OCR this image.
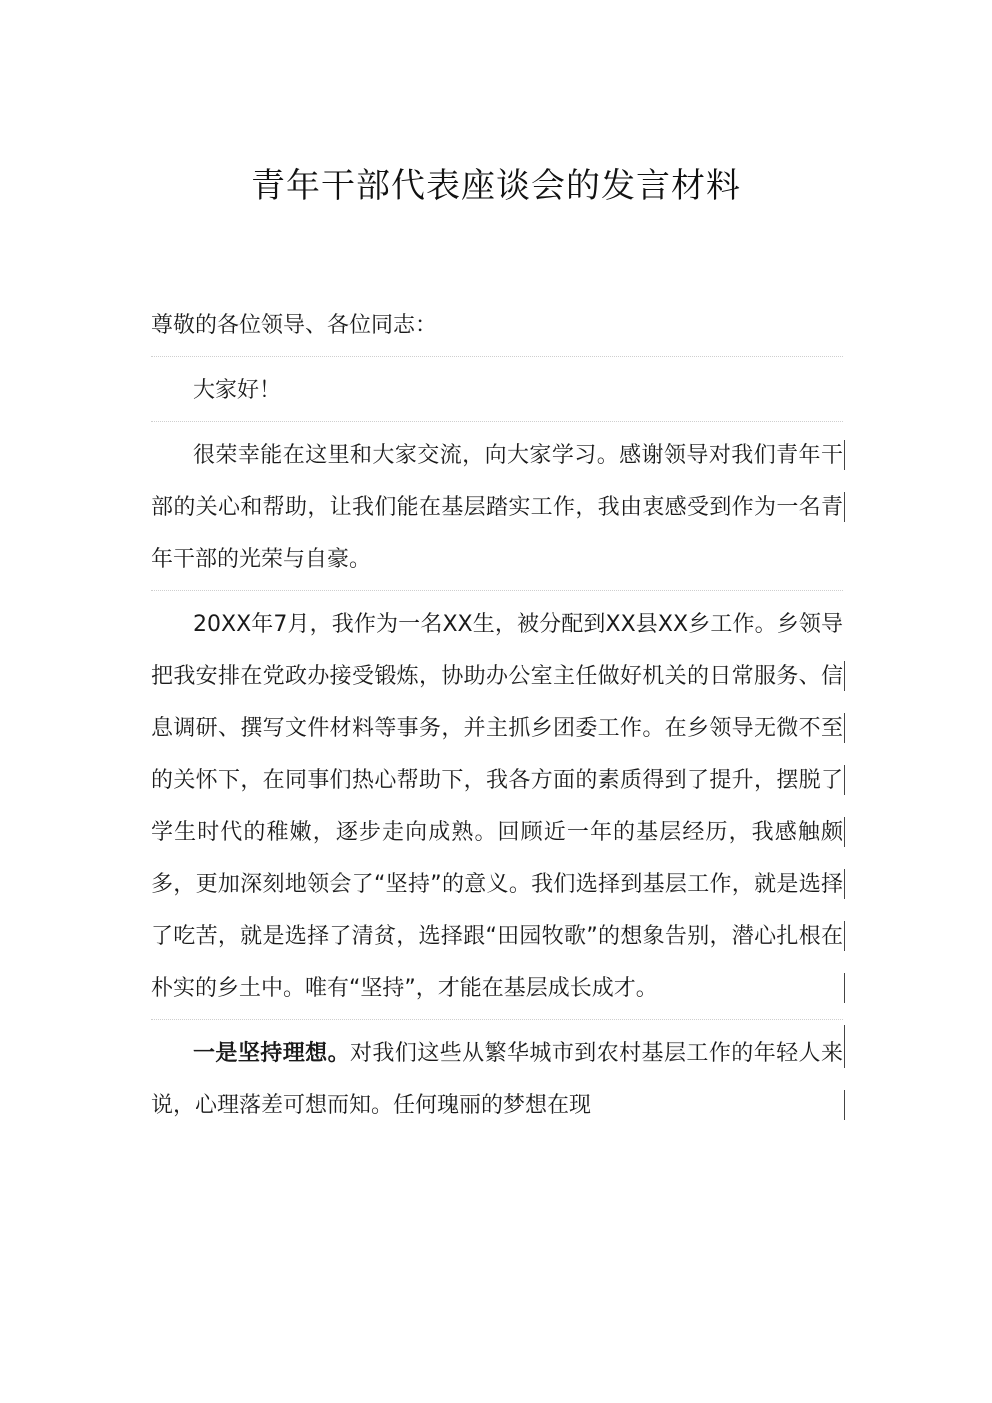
青年干部代表座谈会的发言材料
尊敬的各位领导、各位同志：
大家好！
很荣幸能在这里和大家交流，向大家学习。感谢领导对我们青年干部的关心和帮助，让我们能在基层踏实工作，我由衷感受到作为一名青年干部的光荣与自豪。
20XX年7月，我作为一名XX生，被分配到XX县XX乡工作。乡领导把我安排在党政办接受锻炼，协助办公室主任做好机关的日常服务、信息调研、撰写文件材料等事务，并主抓乡团委工作。在乡领导无微不至的关怀下，在同事们热心帮助下，我各方面的素质得到了提升，摆脱了学生时代的稚嫩，逐步走向成熟。回顾近一年的基层经历，我感触颇多，更加深刻地领会了“坚持”的意义。我们选择到基层工作，就是选择了吃苦，就是选择了清贫，选择跟“田园牧歌”的想象告别，潜心扎根在朴实的乡土中。唯有“坚持”，才能在基层成长成才。
一是坚持理想。对我们这些从繁华城市到农村基层工作的年轻人来说，心理落差可想而知。任何瑰丽的梦想在现
